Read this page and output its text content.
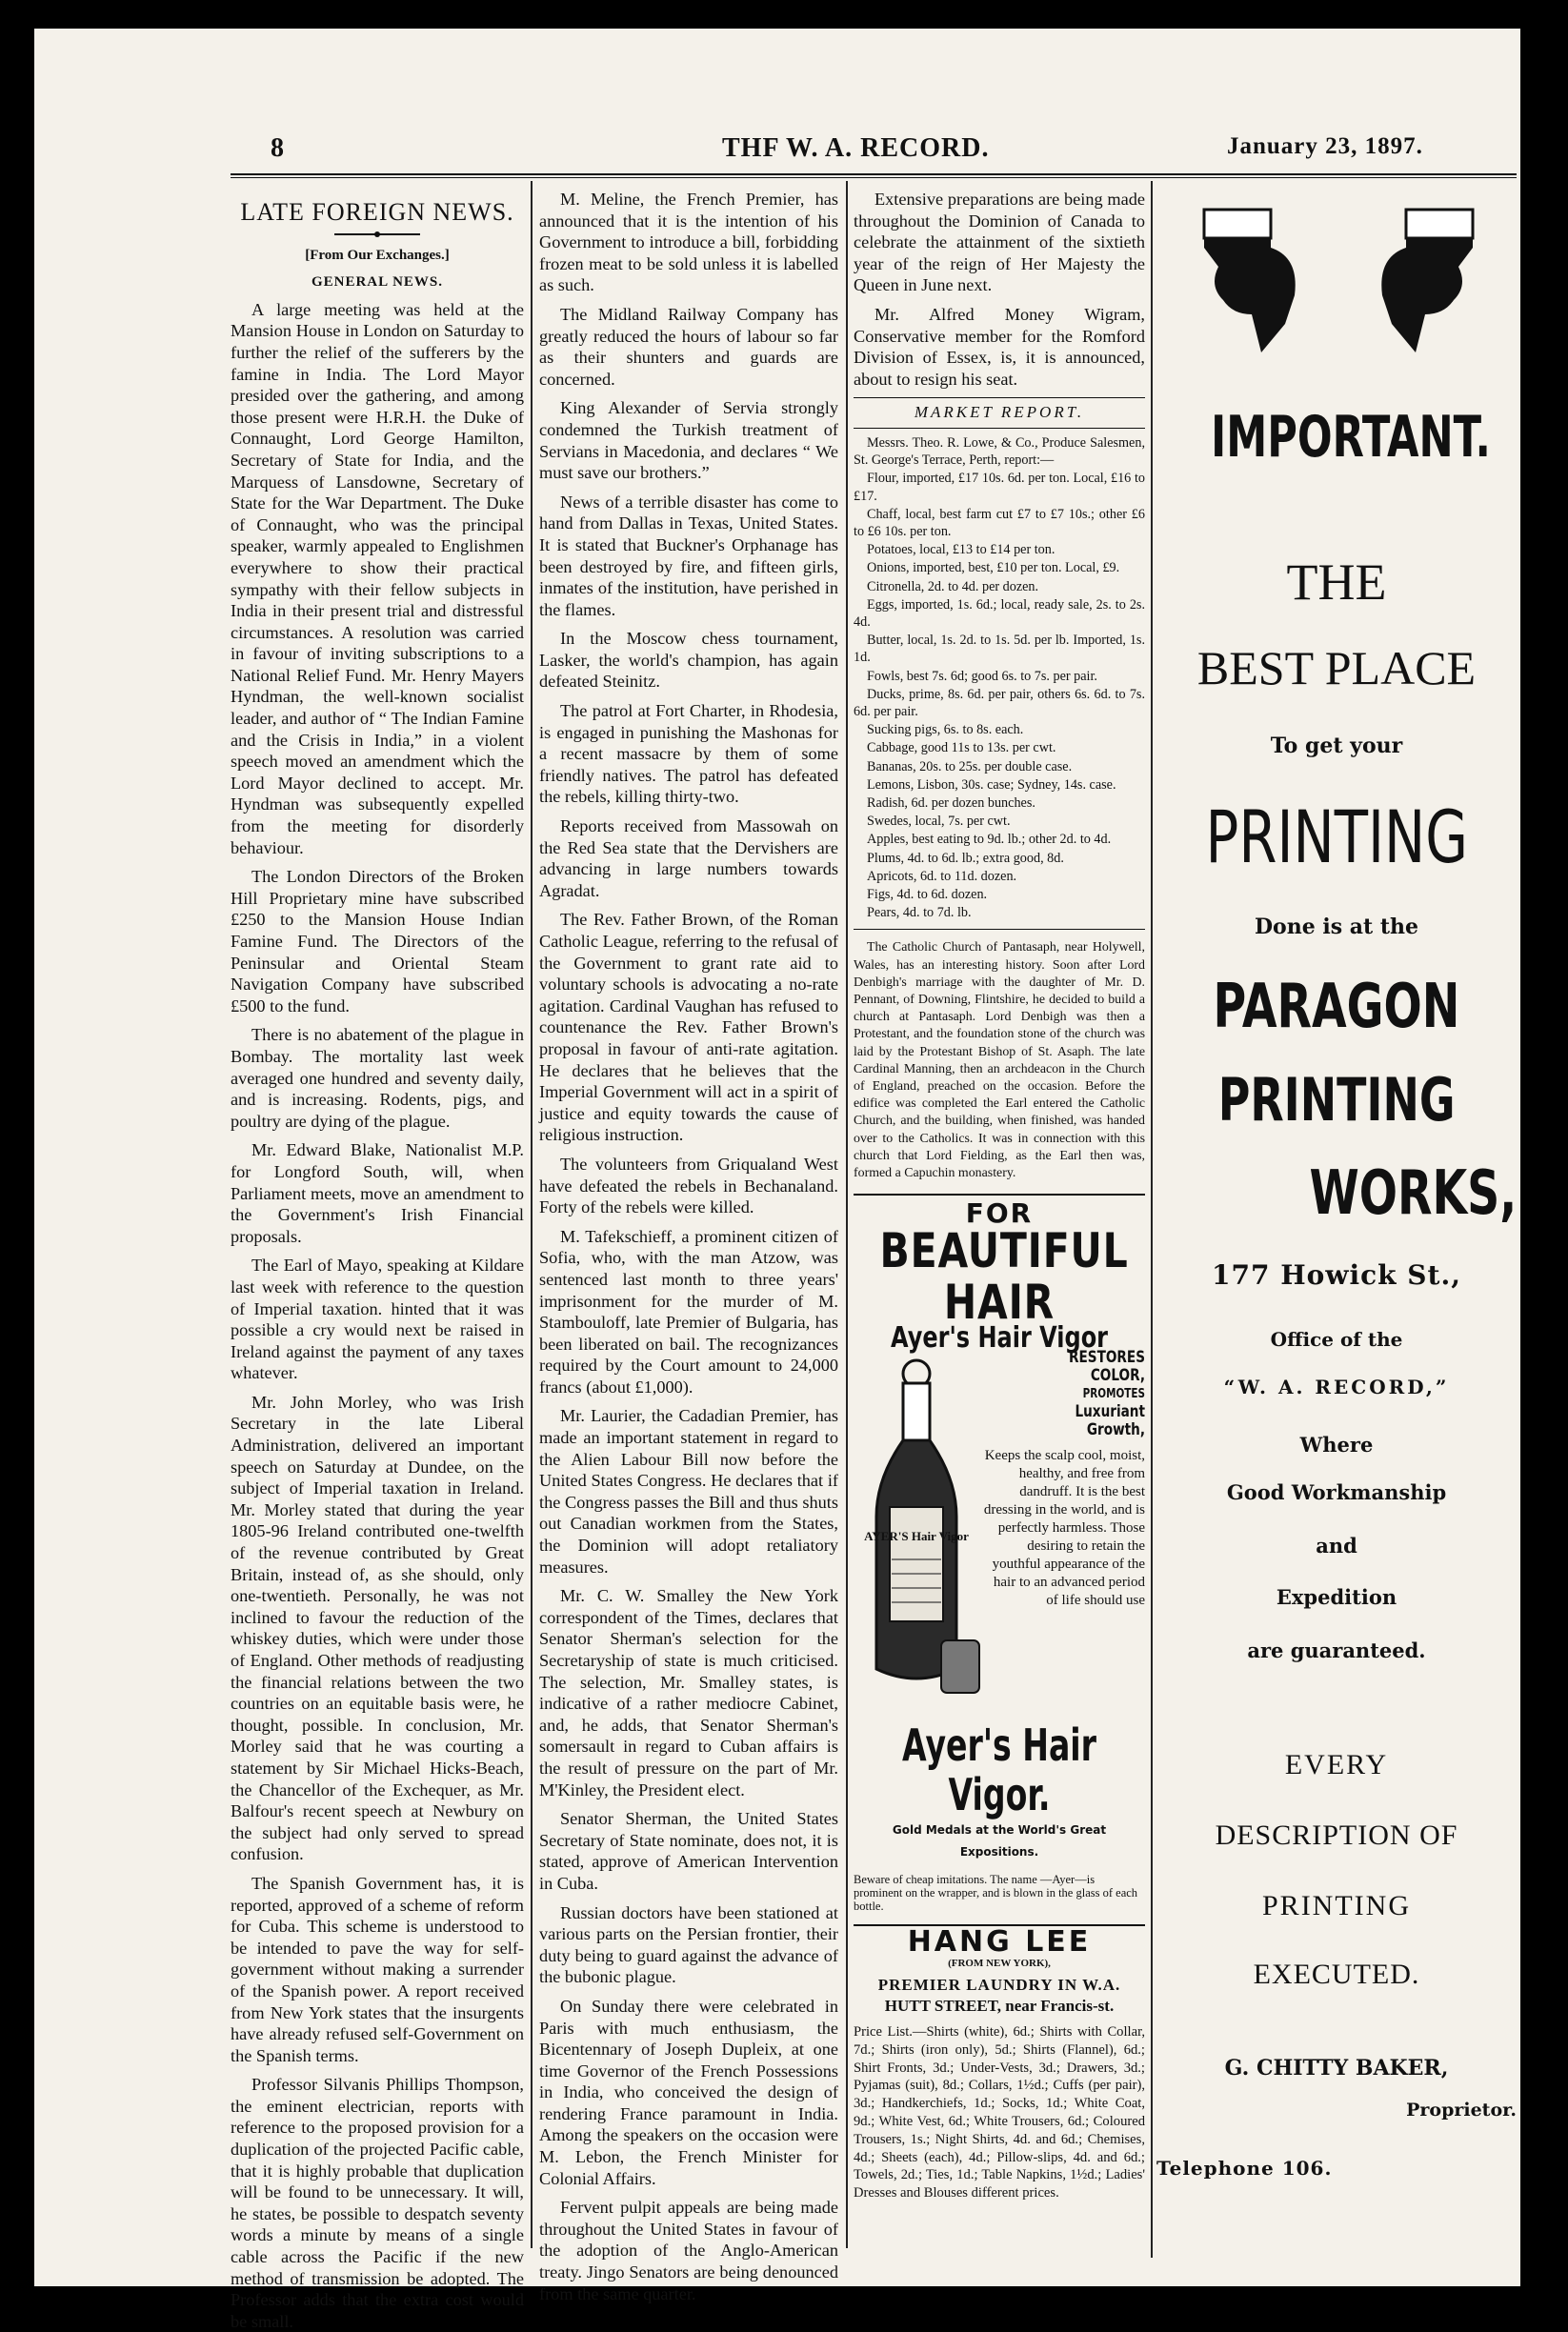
8	THF W. A. RECORD.	January 23, 1897.
LATE FOREIGN NEWS.
[From Our Exchanges.]
GENERAL NEWS.

A large meeting was held at the Mansion House in London on Saturday to further the relief of the sufferers by the famine in India. The Lord Mayor presided over the gathering, and among those present were H.R.H. the Duke of Connaught, Lord George Hamilton, Secretary of State for India, and the Marquess of Lansdowne, Secretary of State for the War Department. The Duke of Connaught, who was the principal speaker, warmly appealed to Englishmen everywhere to show their practical sympathy with their fellow subjects in India in their present trial and distressful circumstances. A resolution was carried in favour of inviting subscriptions to a National Relief Fund. Mr. Henry Mayers Hyndman, the well-known socialist leader, and author of “ The Indian Famine and the Crisis in India,” in a violent speech moved an amendment which the Lord Mayor declined to accept. Mr. Hyndman was subsequently expelled from the meeting for disorderly behaviour.

The London Directors of the Broken Hill Proprietary mine have subscribed £250 to the Mansion House Indian Famine Fund. The Directors of the Peninsular and Oriental Steam Navigation Company have subscribed £500 to the fund.

There is no abatement of the plague in Bombay. The mortality last week averaged one hundred and seventy daily, and is increasing. Rodents, pigs, and poultry are dying of the plague.

Mr. Edward Blake, Nationalist M.P. for Longford South, will, when Parliament meets, move an amendment to the Government's Irish Financial proposals.

The Earl of Mayo, speaking at Kildare last week with reference to the question of Imperial taxation. hinted that it was possible a cry would next be raised in Ireland against the payment of any taxes whatever.

Mr. John Morley, who was Irish Secretary in the late Liberal Administration, delivered an important speech on Saturday at Dundee, on the subject of Imperial taxation in Ireland. Mr. Morley stated that during the year 1805-96 Ireland contributed one-twelfth of the revenue contributed by Great Britain, instead of, as she should, only one-twentieth. Personally, he was not inclined to favour the reduction of the whiskey duties, which were under those of England. Other methods of readjusting the financial relations between the two countries on an equitable basis were, he thought, possible. In conclusion, Mr. Morley said that he was courting a statement by Sir Michael Hicks-Beach, the Chancellor of the Exchequer, as Mr. Balfour's recent speech at Newbury on the subject had only served to spread confusion.

The Spanish Government has, it is reported, approved of a scheme of reform for Cuba. This scheme is understood to be intended to pave the way for self-government without making a surrender of the Spanish power. A report received from New York states that the insurgents have already refused self-Government on the Spanish terms.

Professor Silvanis Phillips Thompson, the eminent electrician, reports with reference to the proposed provision for a duplication of the projected Pacific cable, that it is highly probable that duplication will be found to be unnecessary. It will, he states, be possible to despatch seventy words a minute by means of a single cable across the Pacific if the new method of transmission be adopted. The Professor adds that the extra cost would be small.

M. Meline, the French Premier, has announced that it is the intention of his Government to introduce a bill, forbidding frozen meat to be sold unless it is labelled as such.

The Midland Railway Company has greatly reduced the hours of labour so far as their shunters and guards are concerned.

King Alexander of Servia strongly condemned the Turkish treatment of Servians in Macedonia, and declares “ We must save our brothers.”

News of a terrible disaster has come to hand from Dallas in Texas, United States. It is stated that Buckner's Orphanage has been destroyed by fire, and fifteen girls, inmates of the institution, have perished in the flames.

In the Moscow chess tournament, Lasker, the world's champion, has again defeated Steinitz.

The patrol at Fort Charter, in Rhodesia, is engaged in punishing the Mashonas for a recent massacre by them of some friendly natives. The patrol has defeated the rebels, killing thirty-two.

Reports received from Massowah on the Red Sea state that the Dervishers are advancing in large numbers towards Agradat.

The Rev. Father Brown, of the Roman Catholic League, referring to the refusal of the Government to grant rate aid to voluntary schools is advocating a no-rate agitation. Cardinal Vaughan has refused to countenance the Rev. Father Brown's proposal in favour of anti-rate agitation. He declares that he believes that the Imperial Government will act in a spirit of justice and equity towards the cause of religious instruction.

The volunteers from Griqualand West have defeated the rebels in Bechanaland. Forty of the rebels were killed.

M. Tafekschieff, a prominent citizen of Sofia, who, with the man Atzow, was sentenced last month to three years' imprisonment for the murder of M. Stambouloff, late Premier of Bulgaria, has been liberated on bail. The recognizances required by the Court amount to 24,000 francs (about £1,000).

Mr. Laurier, the Cadadian Premier, has made an important statement in regard to the Alien Labour Bill now before the United States Congress. He declares that if the Congress passes the Bill and thus shuts out Canadian workmen from the States, the Dominion will adopt retaliatory measures.

Mr. C. W. Smalley the New York correspondent of the Times, declares that Senator Sherman's selection for the Secretaryship of state is much criticised. The selection, Mr. Smalley states, is indicative of a rather mediocre Cabinet, and, he adds, that Senator Sherman's somersault in regard to Cuban affairs is the result of pressure on the part of Mr. M'Kinley, the President elect.

Senator Sherman, the United States Secretary of State nominate, does not, it is stated, approve of American Intervention in Cuba.

Russian doctors have been stationed at various parts on the Persian frontier, their duty being to guard against the advance of the bubonic plague.

On Sunday there were celebrated in Paris with much enthusiasm, the Bicentennary of Joseph Dupleix, at one time Governor of the French Possessions in India, who conceived the design of rendering France paramount in India. Among the speakers on the occasion were M. Lebon, the French Minister for Colonial Affairs.

Fervent pulpit appeals are being made throughout the United States in favour of the adoption of the Anglo-American treaty. Jingo Senators are being denounced from the same quarter.

Extensive preparations are being made throughout the Dominion of Canada to celebrate the attainment of the sixtieth year of the reign of Her Majesty the Queen in June next.

Mr. Alfred Money Wigram, Conservative member for the Romford Division of Essex, is, it is announced, about to resign his seat.

MARKET REPORT.

Messrs. Theo. R. Lowe, & Co., Produce Salesmen, St. George's Terrace, Perth, report:—

Flour, imported, £17 10s. 6d. per ton. Local, £16 to £17.

Chaff, local, best farm cut £7 to £7 10s.; other £6 to £6 10s. per ton.

Potatoes, local, £13 to £14 per ton.

Onions, imported, best, £10 per ton. Local, £9.

Citronella, 2d. to 4d. per dozen.

Eggs, imported, 1s. 6d.; local, ready sale, 2s. to 2s. 4d.

Butter, local, 1s. 2d. to 1s. 5d. per lb. Imported, 1s. 1d.

Fowls, best 7s. 6d; good 6s. to 7s. per pair.

Ducks, prime, 8s. 6d. per pair, others 6s. 6d. to 7s. 6d. per pair.

Sucking pigs, 6s. to 8s. each.

Cabbage, good 11s to 13s. per cwt.

Bananas, 20s. to 25s. per double case.

Lemons, Lisbon, 30s. case; Sydney, 14s. case.

Radish, 6d. per dozen bunches.

Swedes, local, 7s. per cwt.

Apples, best eating to 9d. lb.; other 2d. to 4d.

Plums, 4d. to 6d. lb.; extra good, 8d.

Apricots, 6d. to 11d. dozen.

Figs, 4d. to 6d. dozen.

Pears, 4d. to 7d. lb.

The Catholic Church of Pantasaph, near Holywell, Wales, has an interesting history. Soon after Lord Denbigh's marriage with the daughter of Mr. D. Pennant, of Downing, Flintshire, he decided to build a church at Pantasaph. Lord Denbigh was then a Protestant, and the foundation stone of the church was laid by the Protestant Bishop of St. Asaph. The late Cardinal Manning, then an archdeacon in the Church of England, preached on the occasion. Before the edifice was completed the Earl entered the Catholic Church, and the building, when finished, was handed over to the Catholics. It was in connection with this church that Lord Fielding, as the Earl then was, formed a Capuchin monastery.

FOR
BEAUTIFUL HAIR
Ayer's Hair Vigor
AYER'S Hair Vigor
RESTORES COLOR,
PROMOTES
Luxuriant Growth,
Keeps the scalp cool, moist, healthy, and free from dandruff. It is the best dressing in the world, and is perfectly harmless. Those desiring to retain the youthful appearance of the hair to an advanced period of life should use
Ayer's Hair Vigor.
Gold Medals at the World's Great Expositions.
Beware of cheap imitations. The name —Ayer—is prominent on the wrapper, and is blown in the glass of each bottle.
HANG LEE
(FROM NEW YORK),
PREMIER LAUNDRY IN W.A.
HUTT STREET, near Francis-st.
Price List.—Shirts (white), 6d.; Shirts with Collar, 7d.; Shirts (iron only), 5d.; Shirts (Flannel), 6d.; Shirt Fronts, 3d.; Under-Vests, 3d.; Drawers, 3d.; Pyjamas (suit), 8d.; Collars, 1½d.; Cuffs (per pair), 3d.; Handkerchiefs, 1d.; Socks, 1d.; White Coat, 9d.; White Vest, 6d.; White Trousers, 6d.; Coloured Trousers, 1s.; Night Shirts, 4d. and 6d.; Chemises, 4d.; Sheets (each), 4d.; Pillow-slips, 4d. and 6d.; Towels, 2d.; Ties, 1d.; Table Napkins, 1½d.; Ladies' Dresses and Blouses different prices.
IMPORTANT.
THE
BEST PLACE
To get your
PRINTING
Done is at the
PARAGON
PRINTING
WORKS,
177 Howick St.,
Office of the
“W. A. RECORD,”
Where
Good Workmanship
and
Expedition
are guaranteed.
EVERY
DESCRIPTION OF
PRINTING
EXECUTED.
G. CHITTY BAKER,
Proprietor.
Telephone 106.
